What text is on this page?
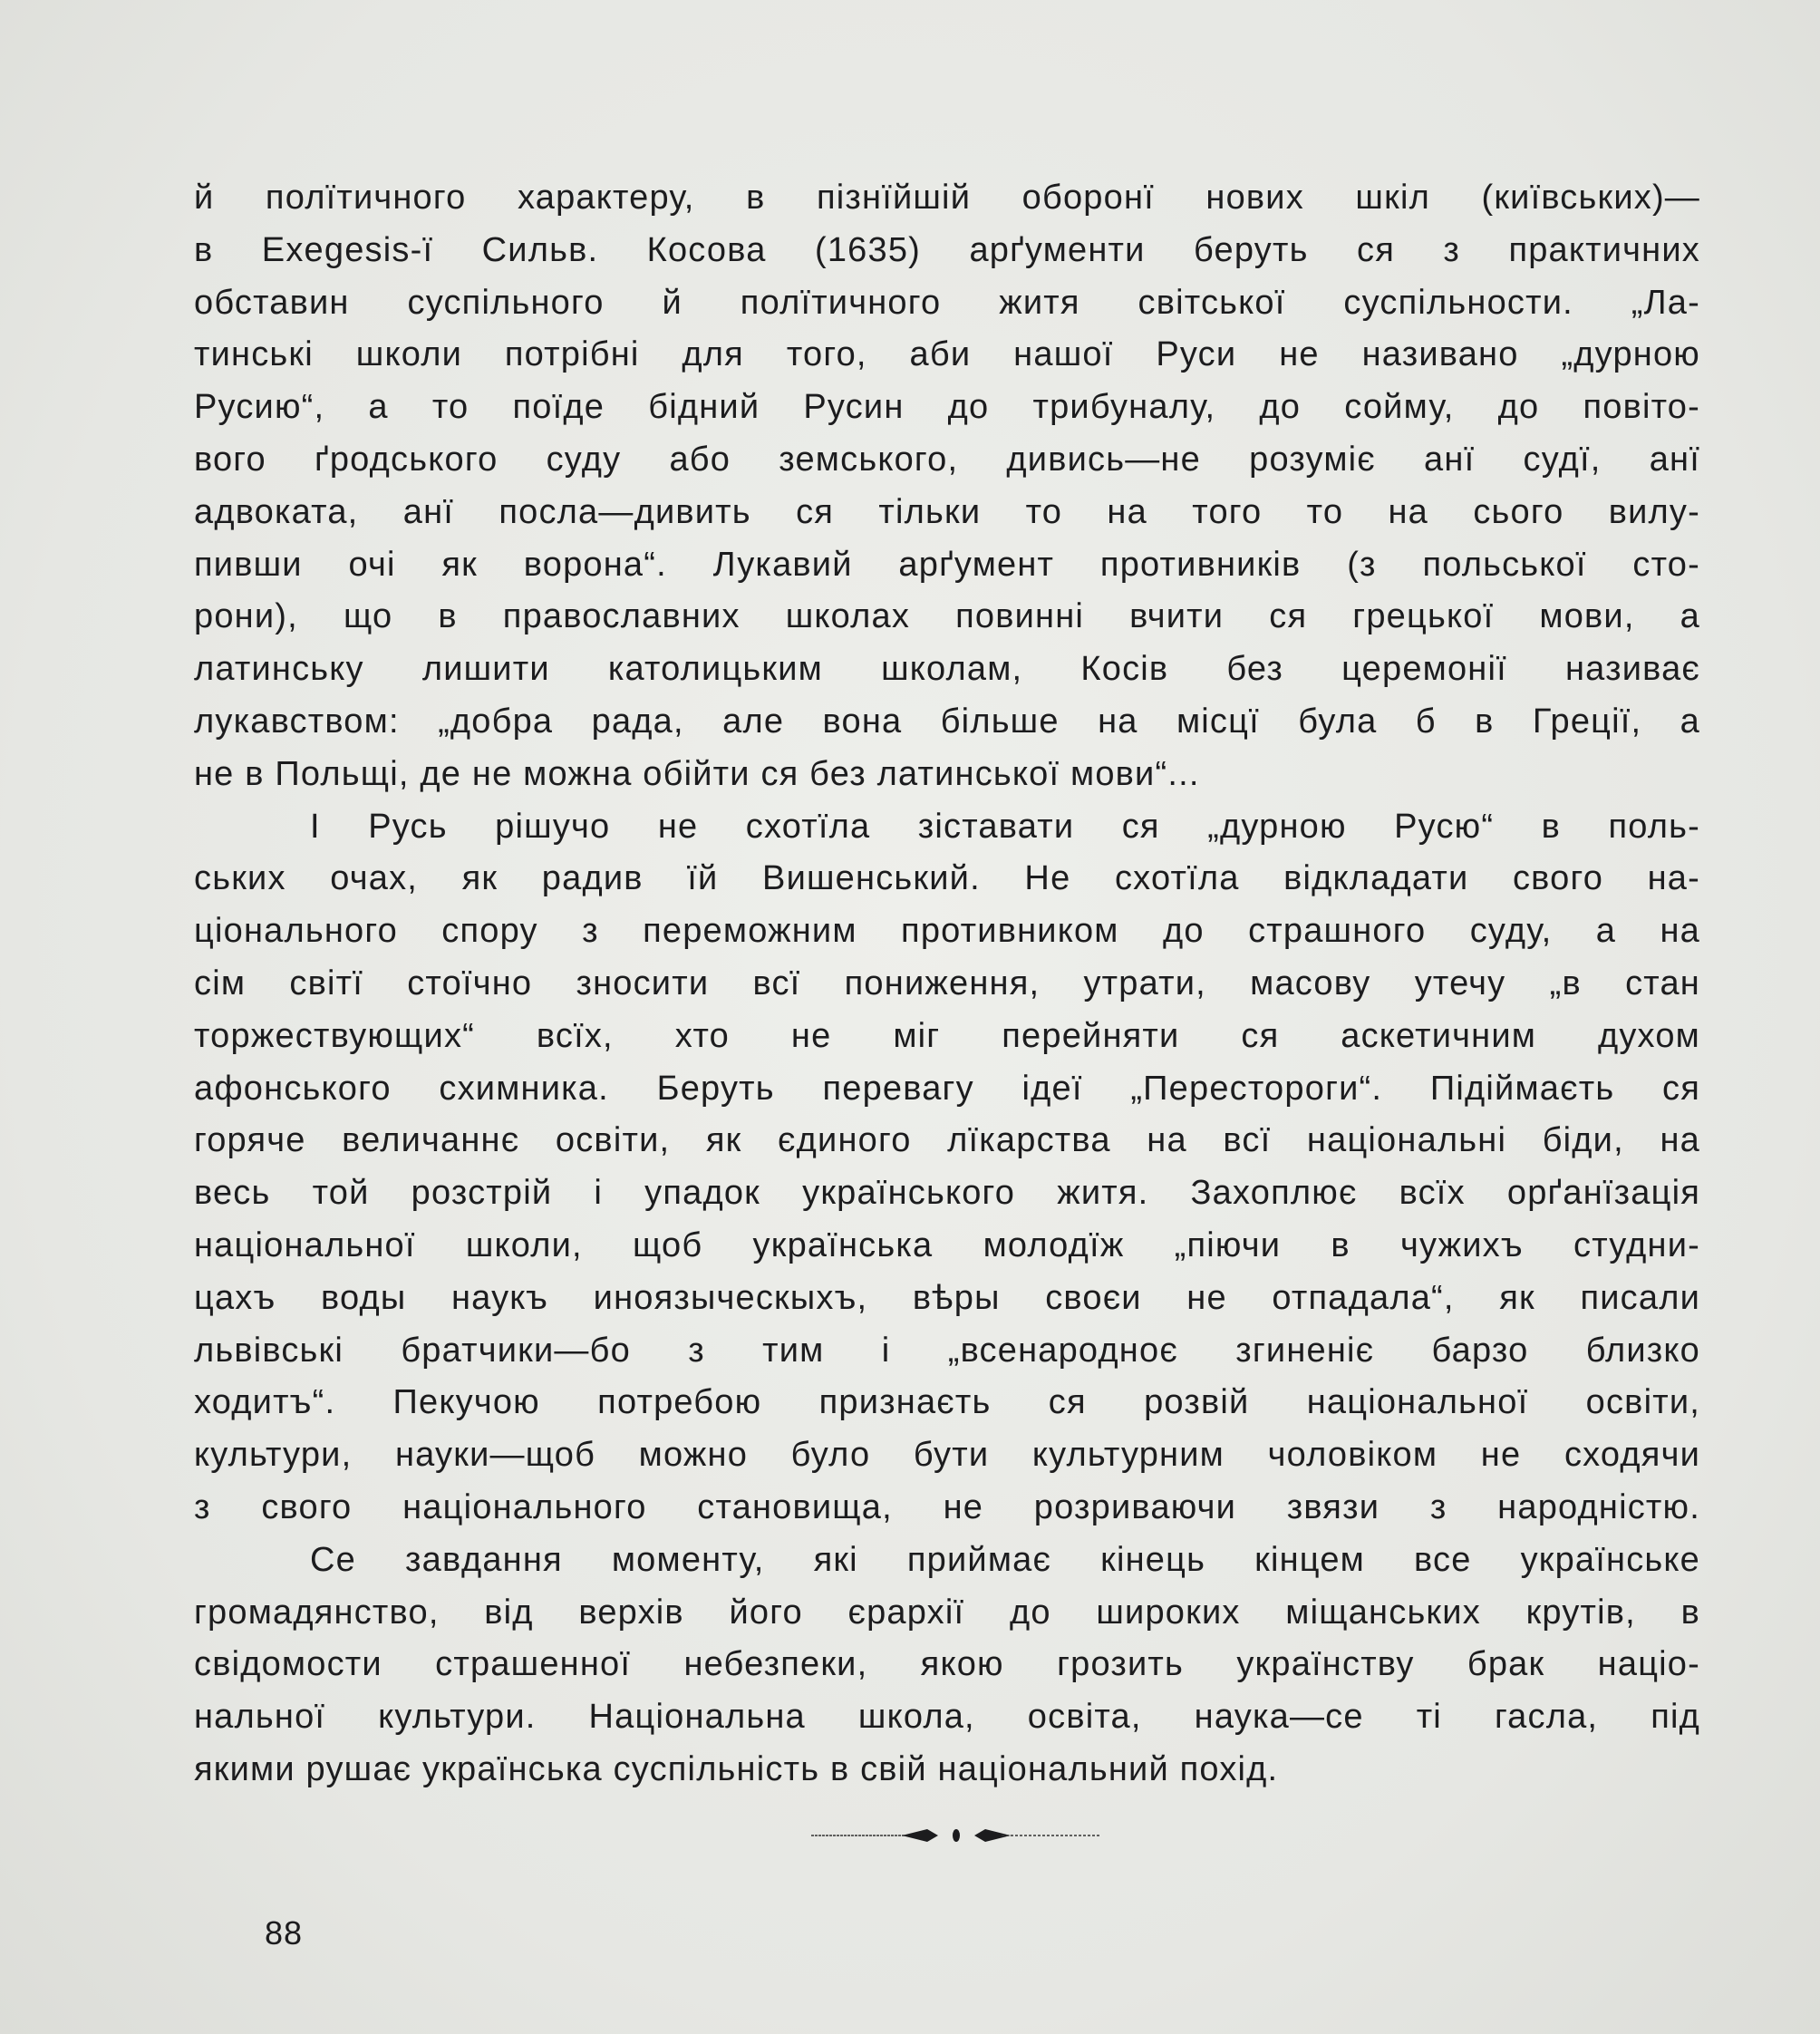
й полїтичного характеру, в пізнїйшій оборонї нових шкіл (київських)—
в Exegesis-ї Сильв. Косова (1635) арґументи беруть ся з практичних
обставин суспільного й полїтичного житя світської суспільности. „Ла-
тинські школи потрібні для того, аби нашої Руси не називано „дурною
Русию“, а то поїде бідний Русин до трибуналу, до сойму, до повіто-
вого ґродського суду або земського, дивись—не розуміє анї судї, анї
адвоката, анї посла—дивить ся тільки то на того то на сього вилу-
пивши очі як ворона“. Лукавий арґумент противників (з польської сто-
рони), що в православних школах повинні вчити ся грецької мови, а
латинську лишити католицьким школам, Косів без церемонії називає
лукавством: „добра рада, але вона більше на місцї була б в Греції, а
не в Польщі, де не можна обійти ся без латинської мови“...
І Русь рішучо не схотїла зіставати ся „дурною Русю“ в поль-
ських очах, як радив їй Вишенський. Не схотїла відкладати свого на-
ціонального спору з переможним противником до страшного суду, а на
сім світї стоїчно зносити всї пониження, утрати, масову утечу „в стан
торжествующих“ всїх, хто не міг перейняти ся аскетичним духом
афонського схимника. Беруть перевагу ідеї „Перестороги“. Підіймаєть ся
горяче величаннє освіти, як єдиного лїкарства на всї національні біди, на
весь той розстрій і упадок українського житя. Захоплює всїх орґанїзація
національної школи, щоб українська молодїж „піючи в чужихъ студни-
цахъ воды наукъ иноязыческыхъ, вѣры своєи не отпадала“, як писали
львівські братчики—бо з тим і „всенародноє згиненіє барзо близко
ходитъ“. Пекучою потребою признаєть ся розвій національної освіти,
культури, науки—щоб можно було бути культурним чоловіком не сходячи
з свого національного становища, не розриваючи звязи з народністю.
Се завдання моменту, які приймає кінець кінцем все українське
громадянство, від верхів його єрархії до широких міщанських крутів, в
свідомости страшенної небезпеки, якою грозить українству брак націо-
нальної культури. Національна школа, освіта, наука—се ті гасла, під
якими рушає українська суспільність в свій національний похід.
88
